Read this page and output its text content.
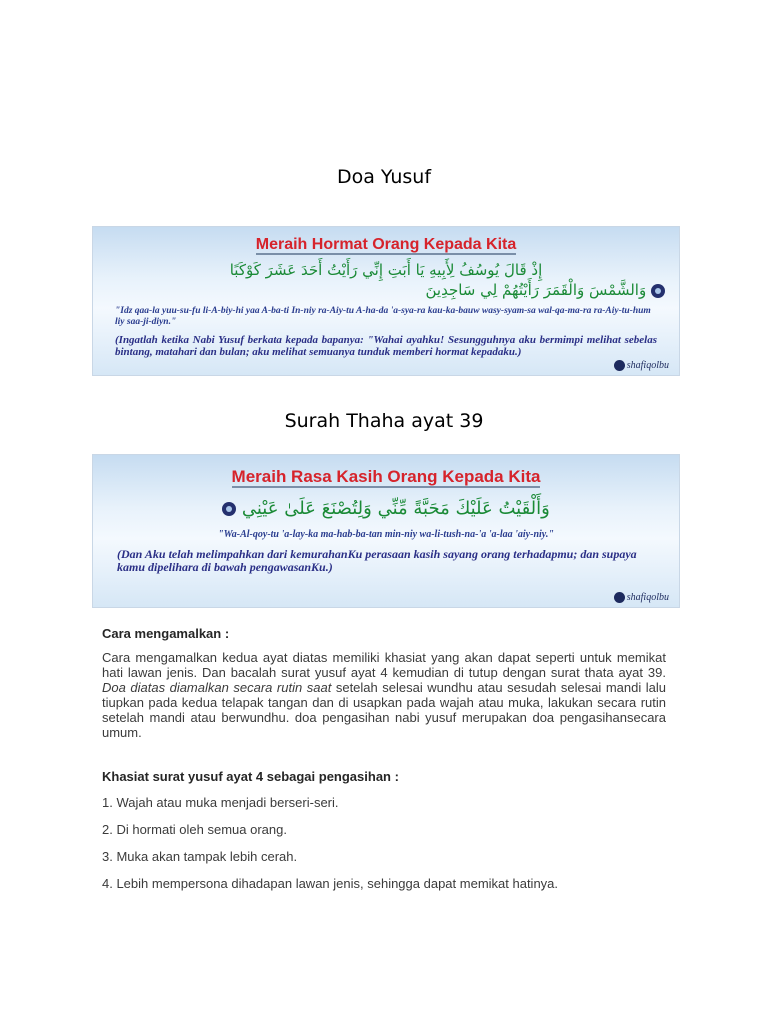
Doa Yusuf
Meraih Hormat Orang Kepada Kita
إِذْ قَالَ يُوسُفُ لِأَبِيهِ يَا أَبَتِ إِنِّي رَأَيْتُ أَحَدَ عَشَرَ كَوْكَبًا
وَالشَّمْسَ وَالْقَمَرَ رَأَيْتُهُمْ لِي سَاجِدِينَ
"Idz qaa-la yuu-su-fu li-A-biy-hi yaa A-ba-ti In-niy ra-Aiy-tu A-ha-da 'a-sya-ra kau-ka-bauw wasy-syam-sa wal-qa-ma-ra ra-Aiy-tu-hum liy saa-ji-diyn."
(Ingatlah ketika Nabi Yusuf berkata kepada bapanya: "Wahai ayahku! Sesungguhnya aku bermimpi melihat sebelas bintang, matahari dan bulan; aku melihat semuanya tunduk memberi hormat kepadaku.)
shafiqolbu
Surah Thaha ayat 39
Meraih Rasa Kasih Orang Kepada Kita
وَأَلْقَيْتُ عَلَيْكَ مَحَبَّةً مِّنِّي وَلِتُصْنَعَ عَلَىٰ عَيْنِي
"Wa-Al-qoy-tu 'a-lay-ka ma-hab-ba-tan min-niy wa-li-tush-na-'a 'a-laa 'aiy-niy."
(Dan Aku telah melimpahkan dari kemurahanKu perasaan kasih sayang orang terhadapmu; dan supaya kamu dipelihara di bawah pengawasanKu.)
shafiqolbu
Cara mengamalkan :
Cara mengamalkan kedua ayat diatas memiliki khasiat yang akan dapat seperti untuk memikat hati lawan jenis. Dan bacalah surat yusuf ayat 4 kemudian di tutup dengan surat thata ayat 39. Doa diatas diamalkan secara rutin saat setelah selesai wundhu atau sesudah selesai mandi lalu tiupkan pada kedua telapak tangan dan di usapkan pada wajah atau muka, lakukan secara rutin setelah mandi atau berwundhu. doa pengasihan nabi yusuf merupakan doa pengasihansecara umum.
Khasiat surat yusuf ayat 4 sebagai pengasihan :
1. Wajah atau muka menjadi berseri-seri.
2. Di hormati oleh semua orang.
3. Muka akan tampak lebih cerah.
4. Lebih mempersona dihadapan lawan jenis, sehingga dapat memikat hatinya.
